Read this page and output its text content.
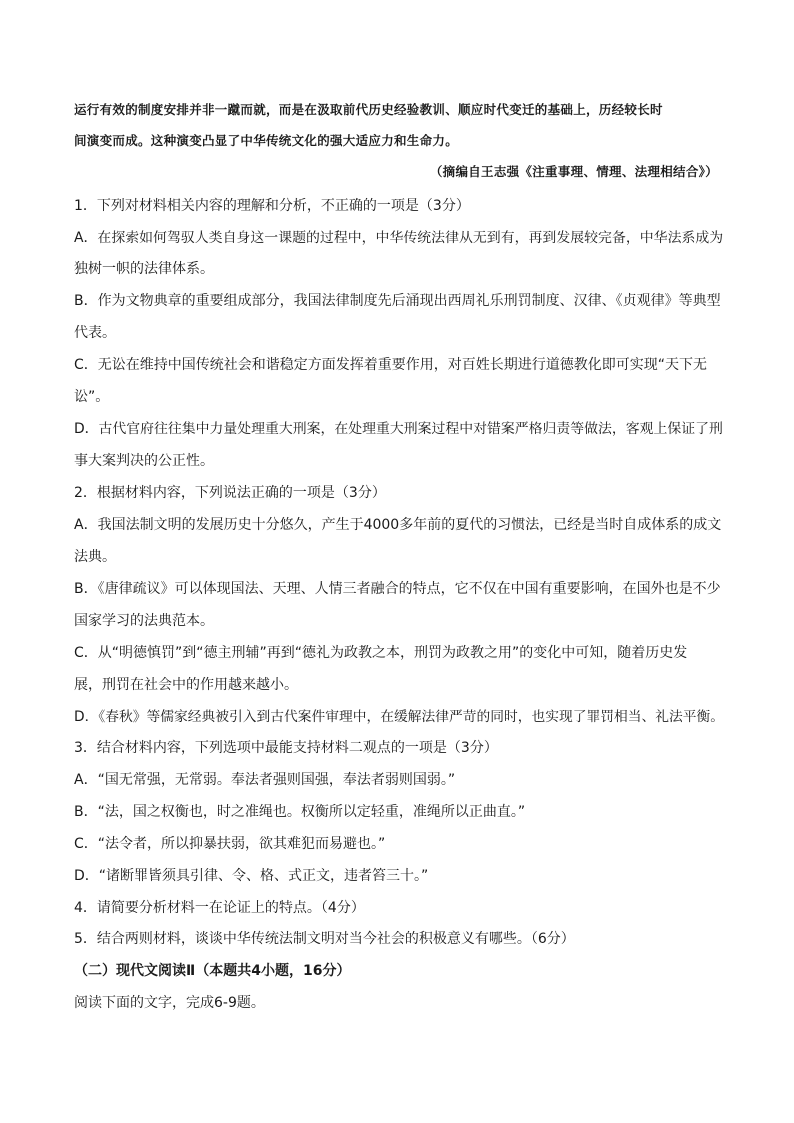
运行有效的制度安排并非一蹴而就，而是在汲取前代历史经验教训、顺应时代变迁的基础上，历经较长时
间演变而成。这种演变凸显了中华传统文化的强大适应力和生命力。
（摘编自王志强《注重事理、情理、法理相结合》）
1．下列对材料相关内容的理解和分析，不正确的一项是（3分）
A．在探索如何驾驭人类自身这一课题的过程中，中华传统法律从无到有，再到发展较完备，中华法系成为
独树一帜的法律体系。
B．作为文物典章的重要组成部分，我国法律制度先后涌现出西周礼乐刑罚制度、汉律、《贞观律》等典型
代表。
C．无讼在维持中国传统社会和谐稳定方面发挥着重要作用，对百姓长期进行道德教化即可实现“天下无
讼”。
D．古代官府往往集中力量处理重大刑案，在处理重大刑案过程中对错案严格归责等做法，客观上保证了刑
事大案判决的公正性。
2．根据材料内容，下列说法正确的一项是（3分）
A．我国法制文明的发展历史十分悠久，产生于4000多年前的夏代的习惯法，已经是当时自成体系的成文
法典。
B．《唐律疏议》可以体现国法、天理、人情三者融合的特点，它不仅在中国有重要影响，在国外也是不少
国家学习的法典范本。
C．从“明德慎罚”到“德主刑辅”再到“德礼为政教之本，刑罚为政教之用”的变化中可知，随着历史发
展，刑罚在社会中的作用越来越小。
D．《春秋》等儒家经典被引入到古代案件审理中，在缓解法律严苛的同时，也实现了罪罚相当、礼法平衡。
3．结合材料内容，下列选项中最能支持材料二观点的一项是（3分）
A．“国无常强，无常弱。奉法者强则国强，奉法者弱则国弱。”
B．“法，国之权衡也，时之准绳也。权衡所以定轻重，准绳所以正曲直。”
C．“法令者，所以抑暴扶弱，欲其难犯而易避也。”
D．“诸断罪皆须具引律、令、格、式正文，违者笞三十。”
4．请简要分析材料一在论证上的特点。（4分）
5．结合两则材料，谈谈中华传统法制文明对当今社会的积极意义有哪些。（6分）
（二）现代文阅读Ⅱ（本题共4小题，16分）
阅读下面的文字，完成6-9题。
